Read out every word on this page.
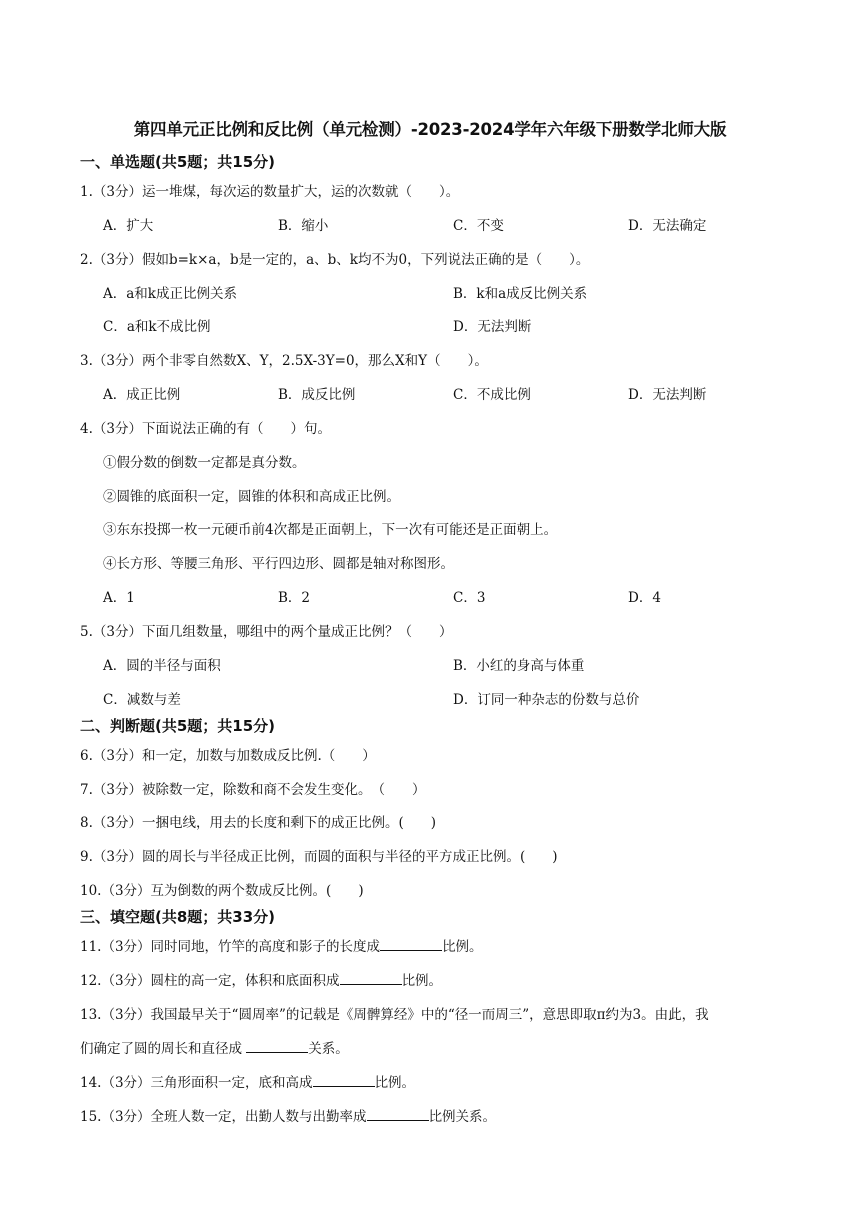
第四单元正比例和反比例（单元检测）-2023-2024学年六年级下册数学北师大版
一、单选题(共5题；共15分)
1.（3分）运一堆煤，每次运的数量扩大，运的次数就（　　）。
A．扩大	B．缩小	C．不变	D．无法确定
2.（3分）假如b=k×a，b是一定的，a、b、k均不为0，下列说法正确的是（　　）。
A．a和k成正比例关系	B．k和a成反比例关系
C．a和k不成比例	D．无法判断
3.（3分）两个非零自然数X、Y，2.5X-3Y=0，那么X和Y（　　）。
A．成正比例	B．成反比例	C．不成比例	D．无法判断
4.（3分）下面说法正确的有（　　）句。
①假分数的倒数一定都是真分数。
②圆锥的底面积一定，圆锥的体积和高成正比例。
③东东投掷一枚一元硬币前4次都是正面朝上，下一次有可能还是正面朝上。
④长方形、等腰三角形、平行四边形、圆都是轴对称图形。
A．1	B．2	C．3	D．4
5.（3分）下面几组数量，哪组中的两个量成正比例？（　　）
A．圆的半径与面积	B．小红的身高与体重
C．减数与差	D．订同一种杂志的份数与总价
二、判断题(共5题；共15分)
6.（3分）和一定，加数与加数成反比例.（　　）
7.（3分）被除数一定，除数和商不会发生变化。　（　　）
8.（3分）一捆电线，用去的长度和剩下的成正比例。(　　)
9.（3分）圆的周长与半径成正比例，而圆的面积与半径的平方成正比例。(　　)
10.（3分）互为倒数的两个数成反比例。(　　)
三、填空题(共8题；共33分)
11.（3分）同时同地，竹竿的高度和影子的长度成	比例。
12.（3分）圆柱的高一定，体积和底面积成	比例。
13.（3分）我国最早关于“圆周率”的记载是《周髀算经》中的“径一而周三”，意思即取π约为3。由此，我
们确定了圆的周长和直径成	关系。
14.（3分）三角形面积一定，底和高成	比例。
15.（3分）全班人数一定，出勤人数与出勤率成	比例关系。
